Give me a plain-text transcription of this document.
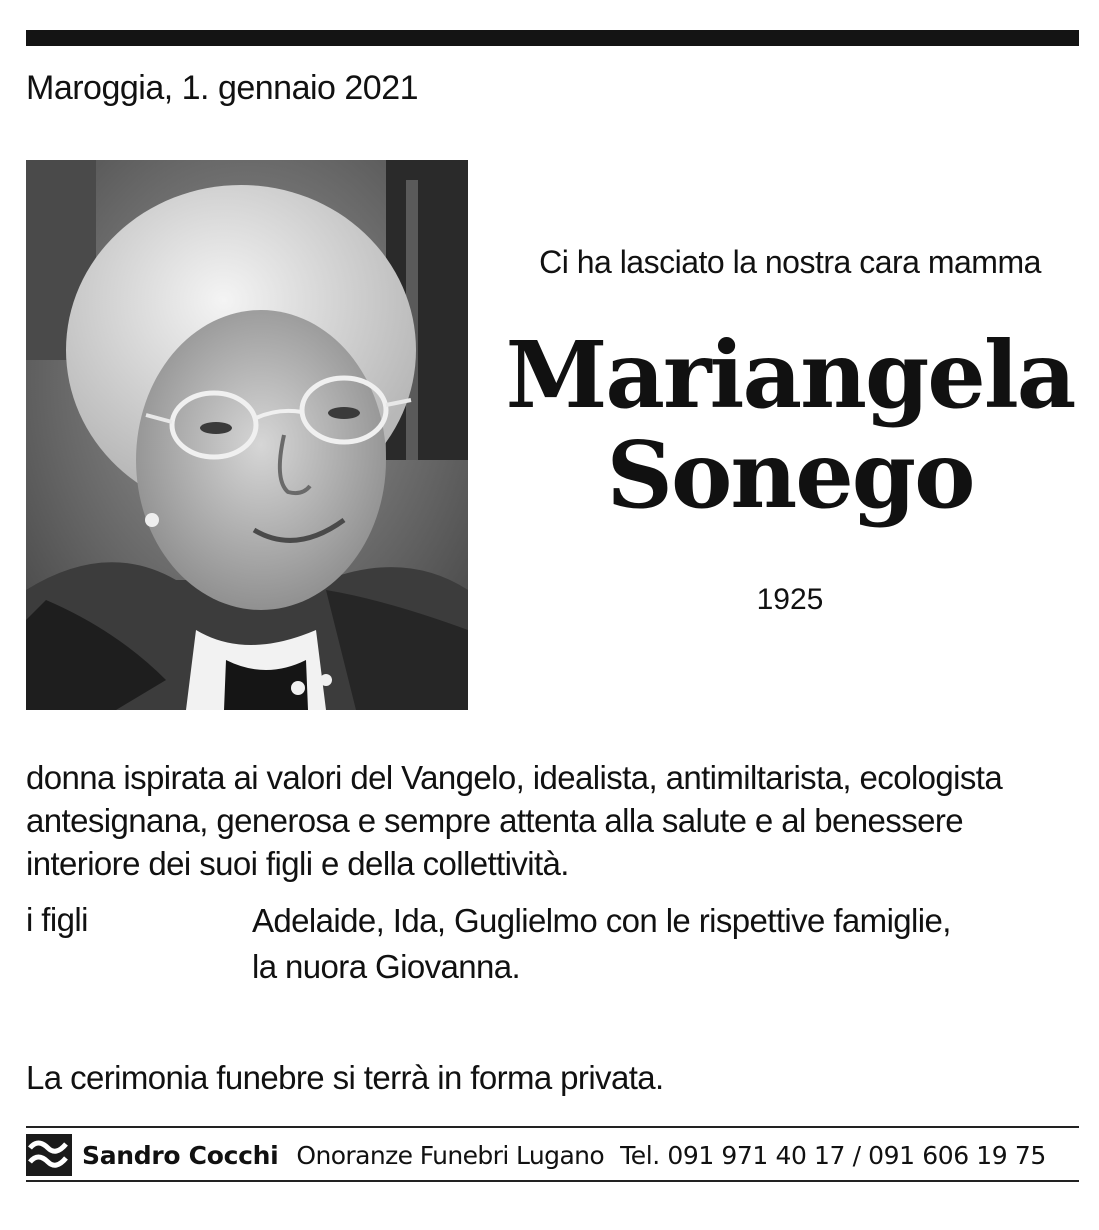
Maroggia, 1. gennaio 2021
Ci ha lasciato la nostra cara mamma
Mariangela
Sonego
1925
donna ispirata ai valori del Vangelo, idealista, antimiltarista, ecologista
antesignana, generosa e sempre attenta alla salute e al benessere
interiore dei suoi figli e della collettività.
i figli	Adelaide, Ida, Guglielmo con le rispettive famiglie,
la nuora Giovanna.
La cerimonia funebre si terrà in forma privata.
Sandro Cocchi Onoranze Funebri Lugano Tel. 091 971 40 17 / 091 606 19 75
